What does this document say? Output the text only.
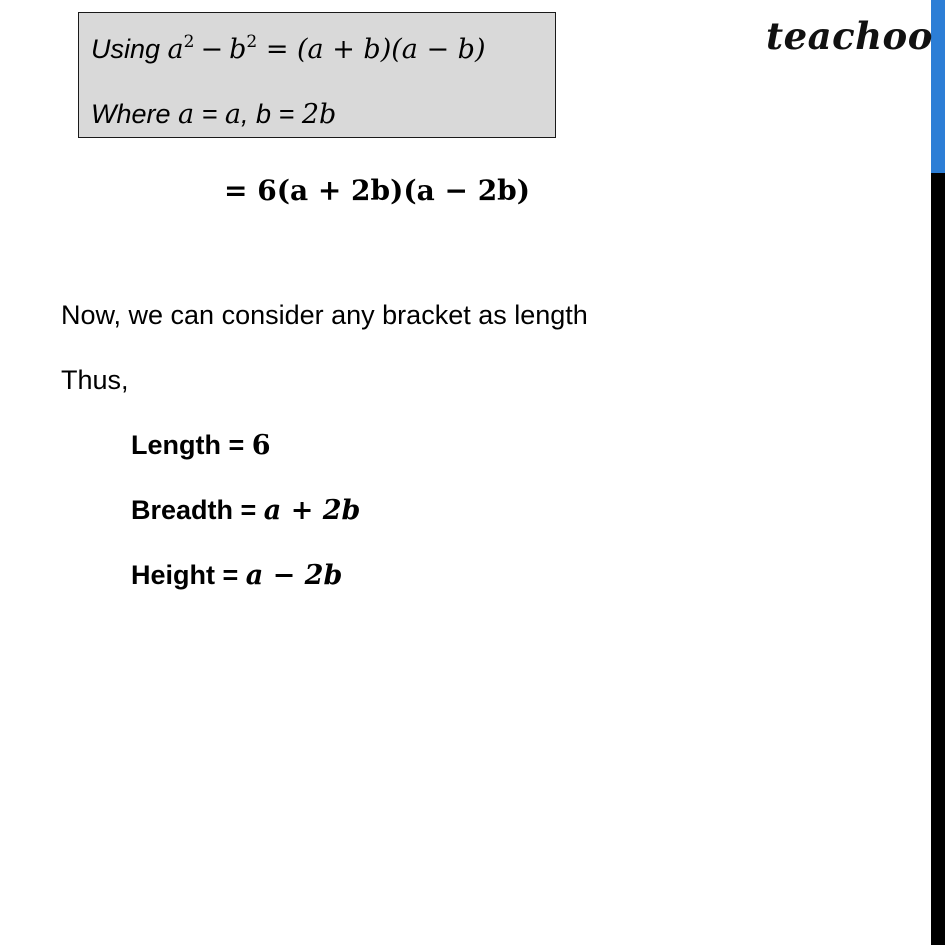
teachoo
Using $a^2 - b^2 = (a + b)(a - b)$
Where a = a, b = 2b
= 6(a + 2b)(a − 2b)
Now, we can consider any bracket as length
Thus,
Length = 6
Breadth = a + 2b
Height = a − 2b
